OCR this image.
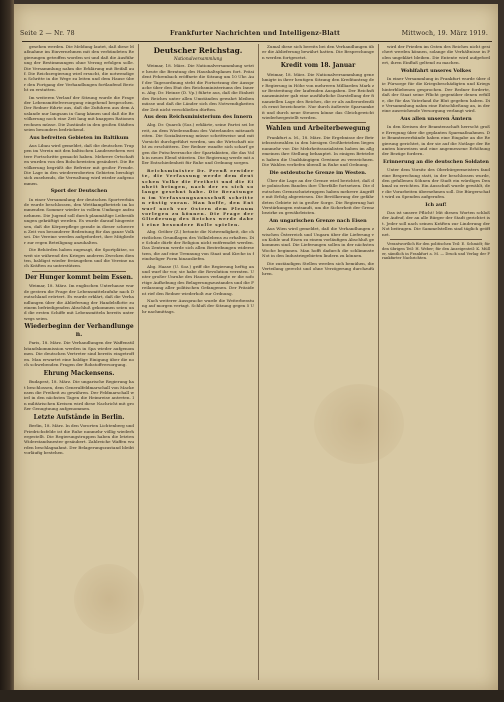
Seite 2 — Nr. 78	Frankfurter Nachrichten und Intelligenz-Blatt	Mittwoch, 19. März 1919.

gesehen werden. Die Meldung lautet, daß diese Maßnahme im Einvernehmen mit den verbündeten Regierungen getroffen worden sei und daß die Ausführung der Bestimmungen ohne Verzug erfolgen solle. Die Versammlung nahm die Erklärung mit Beifall auf. Die Reichsregierung wird ersucht, die notwendigen Schritte in die Wege zu leiten und dem Hause über den Fortgang der Verhandlungen fortlaufend Bericht zu erstatten.

Im weiteren Verlauf der Sitzung wurde die Frage der Lebensmittelversorgung eingehend besprochen. Der Redner führte aus, daß die Zufuhren aus dem Auslande nur langsam in Gang kämen und daß die Bevölkerung noch eine Zeit lang mit knappen Rationen rechnen müsse. Die Zustände in den großen Städten seien besonders bedrückend.

Aus befreiten Gebieten im Baltikum

Aus Libau wird gemeldet, daß die deutschen Truppen im Verein mit den baltischen Landeswehren weitere Fortschritte gemacht haben. Mehrere Ortschaften wurden von den Bolschewisten gesäubert. Die Bevölkerung begrüßt die Befreier mit großer Freude. Die Lage in den wiedereroberten Gebieten beruhigt sich zusehends, die Verwaltung wird wieder aufgenommen.

Sport der Deutschen

In einer Versammlung der deutschen Sportverbände wurde beschlossen, den Wettkampfbetrieb im kommenden Sommer wieder in vollem Umfange aufzunehmen. Die Jugend soll durch planmäßige Leibesübungen gekräftigt werden. Es wurde darauf hingewiesen, daß die Körperpflege gerade in dieser schweren Zeit von besonderer Bedeutung für das ganze Volk sei. Die Vereine werden aufgefordert, ihre Mitglieder zur regen Beteiligung anzuhalten.

Die Behörden haben zugesagt, die Sportplätze, soweit sie während des Krieges anderen Zwecken dienten, baldigst wieder freizugeben und die Vereine nach Kräften zu unterstützen.

Der Hunger kommt beim Essen.

Weimar, 18. März. Im englischen Unterhause wurde gestern die Frage der Lebensmittelzufuhr nach Deutschland erörtert. Es wurde erklärt, daß die Verhandlungen über die Ablieferung der Handelsflotte zu einem befriedigenden Abschluß gekommen seien und die ersten Schiffe mit Lebensmitteln bereits unterwegs seien.

Wiederbeginn der Verhandlungen.

Paris, 18. März. Die Verhandlungen der Waffenstillstandskommission werden in Spa wieder aufgenommen. Die deutschen Vertreter sind bereits eingetroffen. Man erwartet eine baldige Einigung über die noch schwebenden Fragen der Rohstoffversorgung.

Ehrung Mackensens.

Budapest, 18. März. Die ungarische Regierung hat beschlossen, dem Generalfeldmarschall von Mackensen die Freiheit zu gewähren. Der Feldmarschall wird in den nächsten Tagen die Heimreise antreten. In militärischen Kreisen wird diese Nachricht mit großer Genugtuung aufgenommen.

Letzte Aufstände in Berlin.

Berlin, 18. März. In den Vororten Lichtenberg und Friedrichsfelde ist die Ruhe nunmehr völlig wiederhergestellt. Die Regierungstruppen haben die letzten Widerstandsnester gesäubert. Zahlreiche Waffen wurden beschlagnahmt. Der Belagerungszustand bleibt vorläufig bestehen.

Deutscher Reichstag.
Nationalversammlung

Weimar, 18. März. Die Nationalversammlung setzte heute die Beratung des Haushaltsplanes fort. Präsident Fehrenbach eröffnete die Sitzung um 10 Uhr. Auf der Tagesordnung steht die Fortsetzung der Aussprache über den Etat des Reichsministeriums des Innern. Abg. Dr. Heinze (D. Vp.) führte aus, daß die Einheit des Reiches unter allen Umständen gewahrt bleiben müsse und daß die Länder sich den Notwendigkeiten der Zeit nicht verschließen dürften.

Aus dem Reichsministerium des Innern

Abg. Dr. Quarck (Soz.) erklärte, seine Partei sei bereit, an dem Wiederaufbau des Vaterlandes mitzuarbeiten. Die Sozialisierung müsse schrittweise und mit Vorsicht durchgeführt werden, um die Wirtschaft nicht zu erschüttern. Der Redner wandte sich scharf gegen die Putschversuche der Spartakisten, die das Volk in neues Elend stürzten. Die Regierung werde mit aller Entschiedenheit für Ruhe und Ordnung sorgen.

Reichsminister Dr. Preuß erwiderte, die Verfassung werde dem deutschen Volke die Freiheit und die Einheit bringen, nach der es sich so lange gesehnt habe. Die Beratungen im Verfassungsausschuß schritten rüstig voran. Man hoffe, den Entwurf noch vor Ostern dem Plenum vorlegen zu können. Die Frage der Gliederung des Reiches werde dabei eine besondere Rolle spielen.

Abg. Gröber (Z.) betonte die Notwendigkeit, die christlichen Grundlagen des Volkslebens zu erhalten. Die Schule dürfe der Religion nicht entfremdet werden. Das Zentrum werde sich allen Bestrebungen widersetzen, die auf eine Trennung von Staat und Kirche in feindseliger Form hinausliefen.

Abg. Haase (U. Soz.) griff die Regierung heftig an und warf ihr vor, sie habe die Revolution verraten. Unter großer Unruhe des Hauses verlangte er die sofortige Aufhebung des Belagerungszustandes und die Freilassung aller politischen Gefangenen. Der Präsident rief den Redner wiederholt zur Ordnung.

Nach weiterer Aussprache wurde die Weiterberatung auf morgen vertagt. Schluß der Sitzung gegen 5 Uhr nachmittags.

Zumal diese sich bereits bei den Verhandlungen über die Ablieferung bewährt hatten. Die Besprechungen werden fortgesetzt.

Kredit vom 18. Januar

Weimar, 18. März. Die Nationalversammlung genehmigte in ihrer heutigen Sitzung den Kreditantrag der Regierung in Höhe von mehreren Milliarden Mark zur Bestreitung der laufenden Ausgaben. Der Reichsfinanzminister gab eine ausführliche Darstellung der finanziellen Lage des Reiches, die er als außerordentlich ernst bezeichnete. Nur durch äußerste Sparsamkeit und durch neue Steuern könne das Gleichgewicht wiederhergestellt werden.

Wahlen und Arbeiterbewegung

Frankfurt a. M., 18. März. Die Ergebnisse der Betriebsratswahlen in den hiesigen Großbetrieben liegen nunmehr vor. Die Mehrheitssozialisten haben im allgemeinen ihre Stellung behauptet. In einigen Betrieben haben die Unabhängigen Gewinne zu verzeichnen. Die Wahlen verliefen überall in Ruhe und Ordnung.

Die ostdeutsche Grenze im Westen.

Über die Lage an der Grenze wird berichtet, daß die polnischen Banden ihre Überfälle fortsetzen. Die deutschen Grenzschutztruppen haben mehrere Angriffe mit Erfolg abgewiesen. Die Bevölkerung der gefährdeten Gebiete ist in großer Sorge. Die Regierung hat Verstärkungen entsandt, um die Sicherheit der Grenzbezirke zu gewährleisten.

Am ungarischen Grenze nach Eisen

Aus Wien wird gemeldet, daß die Verhandlungen zwischen Österreich und Ungarn über die Lieferung von Kohle und Eisen zu einem vorläufigen Abschluß gekommen sind. Die Lieferungen sollen in der nächsten Woche beginnen. Man hofft dadurch die schlimmste Not in den Industriegebieten lindern zu können.

Die zuständigen Stellen werden sich bemühen, die Verteilung gerecht und ohne Verzögerung durchzuführen.

wird der Frieden im Osten des Reiches nicht gesichert werden können, solange die Verhältnisse in Polen ungeklärt bleiben. Die Entente wird aufgefordert, ihren Einfluß geltend zu machen.

Wohlfahrt unseres Volkes

In einer Versammlung in Frankfurt wurde über die Fürsorge für die Kriegsbeschädigten und Kriegshinterbliebenen gesprochen. Der Redner forderte, daß der Staat seine Pflicht gegenüber denen erfülle, die für das Vaterland ihr Blut gegeben haben. Die Versammlung nahm eine Entschließung an, in der eine ausreichende Versorgung verlangt wird.

Aus allen unseren Ämtern

In den Kreisen der Beamtenschaft herrscht große Erregung über die geplanten Sparmaßnahmen. Die Beamtenverbände haben eine Eingabe an die Regierung gerichtet, in der sie auf die Notlage der Beamten hinweisen und eine angemessene Erhöhung der Bezüge fordern.

Erinnerung an die deutschen Soldaten

Unter dem Vorsitz des Oberbürgermeisters fand eine Besprechung statt, in der beschlossen wurde, den gefallenen Söhnen der Stadt ein würdiges Denkmal zu errichten. Ein Ausschuß wurde gewählt, der die Vorarbeiten übernehmen soll. Die Bürgerschaft wird zu Spenden aufgerufen.

Ich auf!

Das ist unsere Pflicht! Mit diesen Worten schloß der Aufruf, der an alle Bürger der Stadt gerichtet ist. Jeder soll nach seinen Kräften zur Linderung der Not beitragen. Die Sammelstellen sind täglich geöffnet.

Verantwortlich für den politischen Teil: E. Schmidt; für den übrigen Teil: H. Weber; für den Anzeigenteil: K. Müller, sämtlich in Frankfurt a. M. — Druck und Verlag der Frankfurter Nachrichten.
